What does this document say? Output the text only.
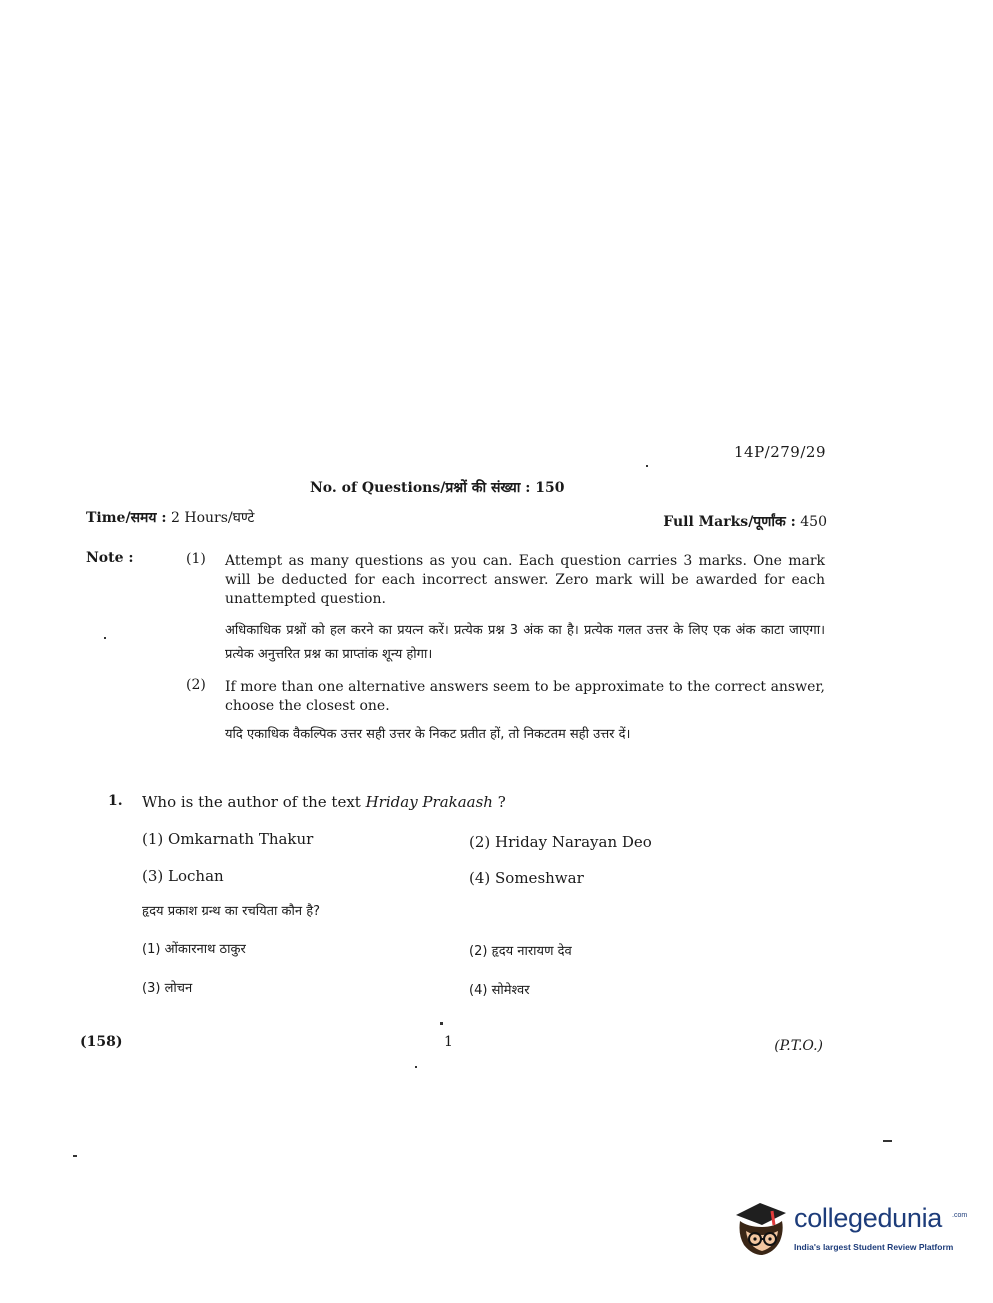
14P/279/29
No. of Questions/प्रश्नों की संख्या : 150
Time/समय : 2 Hours/घण्टे	Full Marks/पूर्णांक : 450
Note :	(1) Attempt as many questions as you can. Each question carries 3 marks. One mark will be deducted for each incorrect answer. Zero mark will be awarded for each unattempted question.
अधिकाधिक प्रश्नों को हल करने का प्रयत्न करें। प्रत्येक प्रश्न 3 अंक का है। प्रत्येक गलत उत्तर के लिए एक अंक काटा जाएगा। प्रत्येक अनुत्तरित प्रश्न का प्राप्तांक शून्य होगा।
(2) If more than one alternative answers seem to be approximate to the correct answer, choose the closest one.
यदि एकाधिक वैकल्पिक उत्तर सही उत्तर के निकट प्रतीत हों, तो निकटतम सही उत्तर दें।
1. Who is the author of the text Hriday Prakaash ?
(1) Omkarnath Thakur	(2) Hriday Narayan Deo
(3) Lochan	(4) Someshwar
हृदय प्रकाश ग्रन्थ का रचयिता कौन है?
(1) ओंकारनाथ ठाकुर	(2) हृदय नारायण देव
(3) लोचन	(4) सोमेश्वर
(158)	1	(P.T.O.)
collegedunia .com
India's largest Student Review Platform
